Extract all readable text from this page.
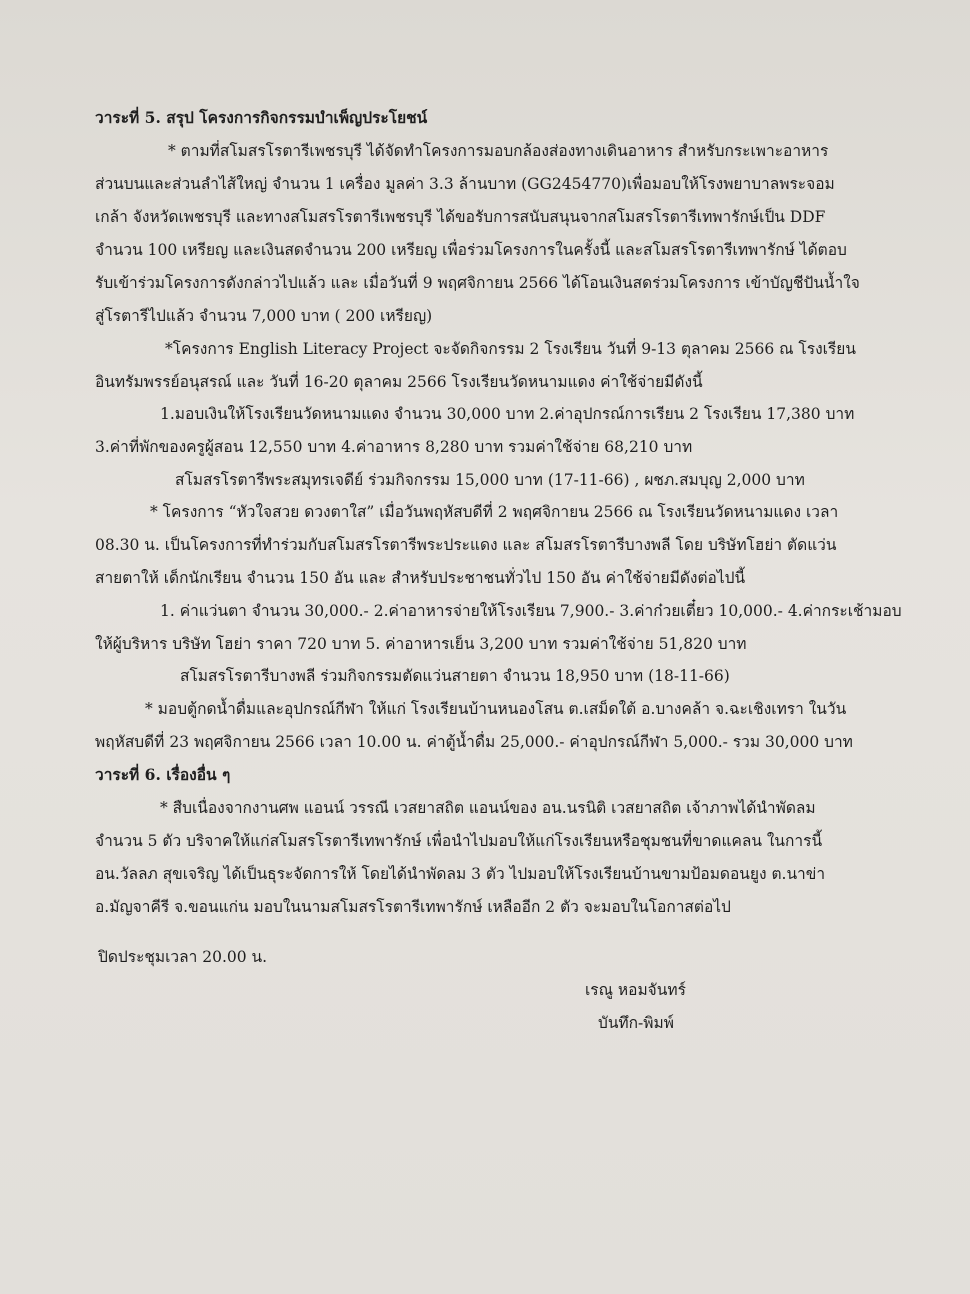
วาระที่ 5. สรุป โครงการกิจกรรมบำเพ็ญประโยชน์
* ตามที่สโมสรโรตารีเพชรบุรี ได้จัดทำโครงการมอบกล้องส่องทางเดินอาหาร สำหรับกระเพาะอาหาร
ส่วนบนและส่วนลำไส้ใหญ่ จำนวน 1 เครื่อง มูลค่า 3.3 ล้านบาท (GG2454770)เพื่อมอบให้โรงพยาบาลพระจอม
เกล้า จังหวัดเพชรบุรี และทางสโมสรโรตารีเพชรบุรี ได้ขอรับการสนับสนุนจากสโมสรโรตารีเทพารักษ์เป็น DDF
จำนวน 100 เหรียญ และเงินสดจำนวน 200 เหรียญ เพื่อร่วมโครงการในครั้งนี้ และสโมสรโรตารีเทพารักษ์ ได้ตอบ
รับเข้าร่วมโครงการดังกล่าวไปแล้ว และ เมื่อวันที่ 9 พฤศจิกายน 2566 ได้โอนเงินสดร่วมโครงการ เข้าบัญชีปันน้ำใจ
สู่โรตารีไปแล้ว จำนวน 7,000 บาท ( 200 เหรียญ)
*โครงการ English Literacy Project จะจัดกิจกรรม 2 โรงเรียน วันที่ 9-13 ตุลาคม 2566 ณ โรงเรียน
อินทรัมพรรย์อนุสรณ์ และ วันที่ 16-20 ตุลาคม 2566 โรงเรียนวัดหนามแดง ค่าใช้จ่ายมีดังนี้
1.มอบเงินให้โรงเรียนวัดหนามแดง จำนวน 30,000 บาท 2.ค่าอุปกรณ์การเรียน 2 โรงเรียน 17,380 บาท
3.ค่าที่พักของครูผู้สอน 12,550 บาท 4.ค่าอาหาร 8,280 บาท รวมค่าใช้จ่าย 68,210 บาท
สโมสรโรตารีพระสมุทรเจดีย์ ร่วมกิจกรรม 15,000 บาท (17-11-66) , ผชภ.สมบุญ 2,000 บาท
* โครงการ “หัวใจสวย ดวงตาใส” เมื่อวันพฤหัสบดีที่ 2 พฤศจิกายน 2566 ณ โรงเรียนวัดหนามแดง เวลา
08.30 น. เป็นโครงการที่ทำร่วมกับสโมสรโรตารีพระประแดง และ สโมสรโรตารีบางพลี โดย บริษัทโฮย่า ตัดแว่น
สายตาให้ เด็กนักเรียน จำนวน 150 อัน และ สำหรับประชาชนทั่วไป 150 อัน ค่าใช้จ่ายมีดังต่อไปนี้
1. ค่าแว่นตา จำนวน 30,000.- 2.ค่าอาหารจ่ายให้โรงเรียน 7,900.- 3.ค่าก๋วยเตี๋ยว 10,000.- 4.ค่ากระเช้ามอบ
ให้ผู้บริหาร บริษัท โฮย่า ราคา 720 บาท 5. ค่าอาหารเย็น 3,200 บาท รวมค่าใช้จ่าย 51,820 บาท
สโมสรโรตารีบางพลี ร่วมกิจกรรมตัดแว่นสายตา จำนวน 18,950 บาท (18-11-66)
* มอบตู้กดน้ำดื่มและอุปกรณ์กีฬา ให้แก่ โรงเรียนบ้านหนองโสน ต.เสม็ดใต้ อ.บางคล้า จ.ฉะเชิงเทรา ในวัน
พฤหัสบดีที่ 23 พฤศจิกายน 2566 เวลา 10.00 น. ค่าตู้น้ำดื่ม 25,000.- ค่าอุปกรณ์กีฬา 5,000.- รวม 30,000 บาท
วาระที่ 6. เรื่องอื่น ๆ
* สืบเนื่องจากงานศพ แอนน์ วรรณี เวสยาสถิต แอนน์ของ อน.นรนิติ เวสยาสถิต เจ้าภาพได้นำพัดลม
จำนวน 5 ตัว บริจาคให้แก่สโมสรโรตารีเทพารักษ์ เพื่อนำไปมอบให้แก่โรงเรียนหรือชุมชนที่ขาดแคลน ในการนี้
อน.วัลลภ สุขเจริญ ได้เป็นธุระจัดการให้ โดยได้นำพัดลม 3 ตัว ไปมอบให้โรงเรียนบ้านขามป้อมดอนยูง ต.นาข่า
อ.มัญจาคีรี จ.ขอนแก่น มอบในนามสโมสรโรตารีเทพารักษ์ เหลืออีก 2 ตัว จะมอบในโอกาสต่อไป
ปิดประชุมเวลา 20.00 น.
เรณู หอมจันทร์
บันทึก-พิมพ์
